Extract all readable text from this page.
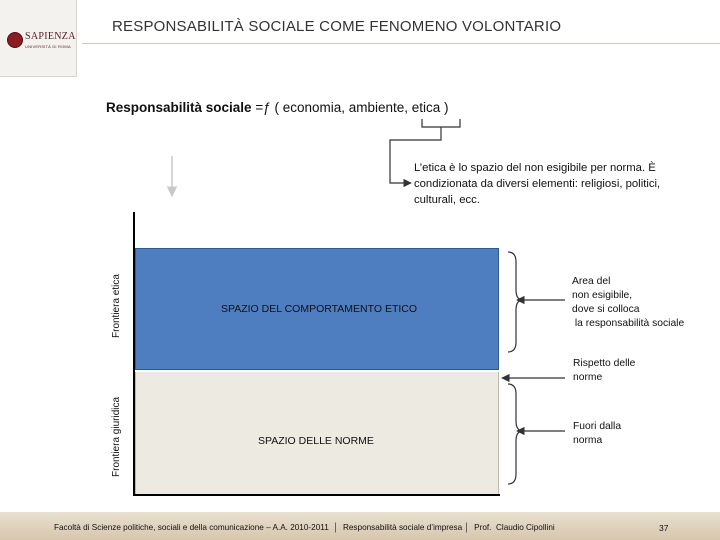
SAPIENZA
UNIVERSITÀ DI ROMA
RESPONSABILITÀ SOCIALE COME FENOMENO VOLONTARIO
Responsabilità sociale =ƒ ( economia, ambiente, etica )
L’etica è lo spazio del non esigibile per norma. È condizionata da diversi elementi: religiosi, politici, culturali, ecc.
SPAZIO DEL COMPORTAMENTO ETICO
SPAZIO DELLE NORME
Frontiera etica
Frontiera giuridica
Area del
non esigibile,
dove si colloca
la responsabilità sociale
Rispetto delle
norme
Fuori dalla
norma
Facoltà di Scienze politiche, sociali e della comunicazione – A.A. 2010-2011  │  Responsabilità sociale d’impresa │  Prof.  Claudio Cipollini	37
